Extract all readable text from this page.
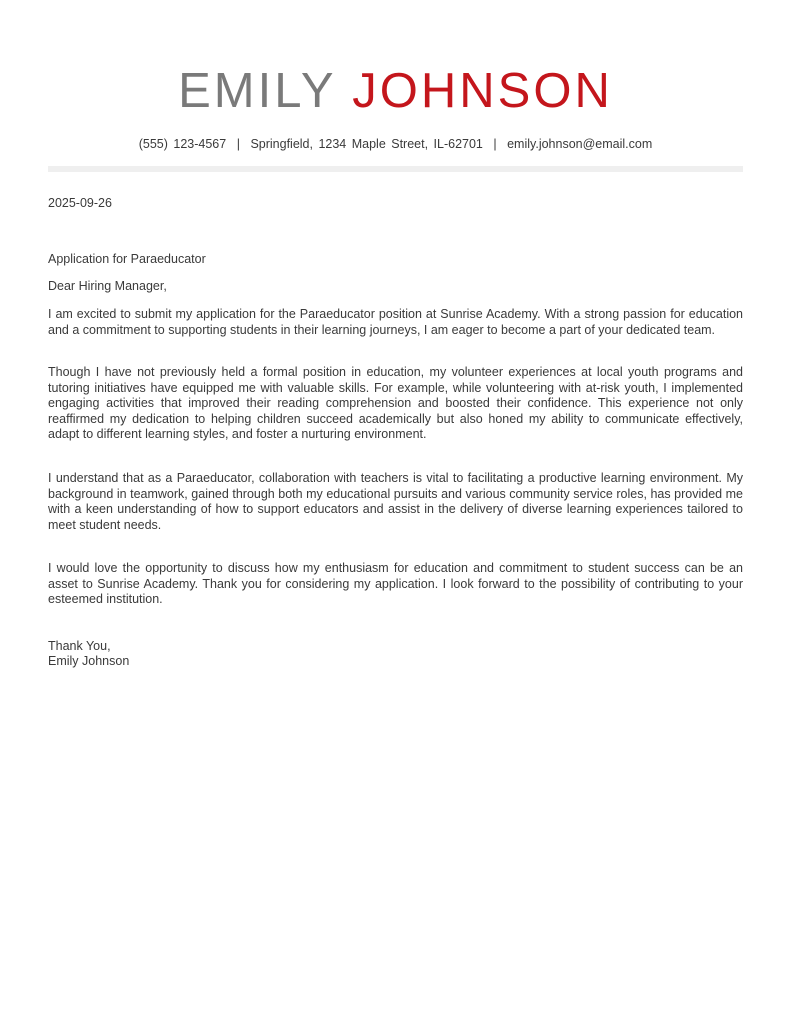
EMILY JOHNSON
(555) 123-4567 | Springfield, 1234 Maple Street, IL-62701 | emily.johnson@email.com
2025-09-26
Application for Paraeducator
Dear Hiring Manager,
I am excited to submit my application for the Paraeducator position at Sunrise Academy. With a strong passion for education and a commitment to supporting students in their learning journeys, I am eager to become a part of your dedicated team.
Though I have not previously held a formal position in education, my volunteer experiences at local youth programs and tutoring initiatives have equipped me with valuable skills. For example, while volunteering with at-risk youth, I implemented engaging activities that improved their reading comprehension and boosted their confidence. This experience not only reaffirmed my dedication to helping children succeed academically but also honed my ability to communicate effectively, adapt to different learning styles, and foster a nurturing environment.
I understand that as a Paraeducator, collaboration with teachers is vital to facilitating a productive learning environment. My background in teamwork, gained through both my educational pursuits and various community service roles, has provided me with a keen understanding of how to support educators and assist in the delivery of diverse learning experiences tailored to meet student needs.
I would love the opportunity to discuss how my enthusiasm for education and commitment to student success can be an asset to Sunrise Academy. Thank you for considering my application. I look forward to the possibility of contributing to your esteemed institution.
Thank You,
Emily Johnson
